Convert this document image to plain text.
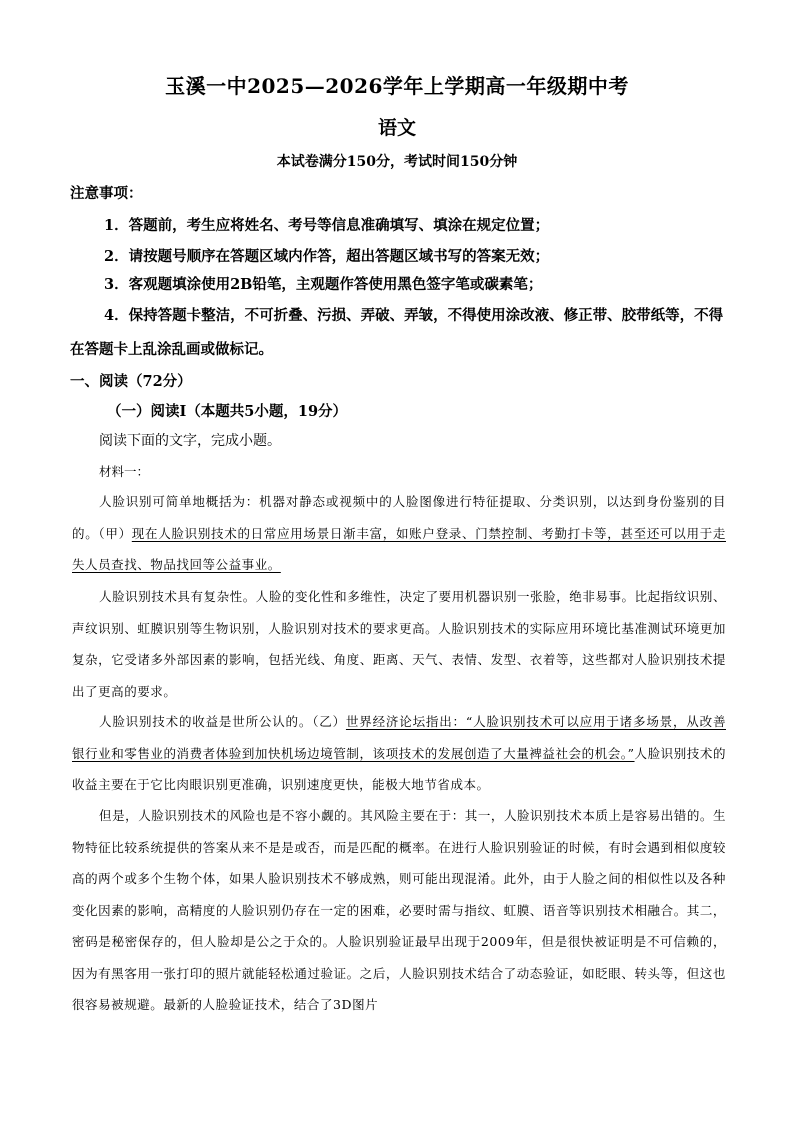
玉溪一中2025—2026学年上学期高一年级期中考
语文
本试卷满分150分，考试时间150分钟
注意事项：
1．答题前，考生应将姓名、考号等信息准确填写、填涂在规定位置；
2．请按题号顺序在答题区域内作答，超出答题区域书写的答案无效；
3．客观题填涂使用2B铅笔，主观题作答使用黑色签字笔或碳素笔；
4．保持答题卡整洁，不可折叠、污损、弄破、弄皱，不得使用涂改液、修正带、胶带纸等，不得在答题卡上乱涂乱画或做标记。
一、阅读（72分）
（一）阅读Ⅰ（本题共5小题，19分）
阅读下面的文字，完成小题。
材料一：
人脸识别可简单地概括为：机器对静态或视频中的人脸图像进行特征提取、分类识别，以达到身份鉴别的目的。（甲）现在人脸识别技术的日常应用场景日渐丰富，如账户登录、门禁控制、考勤打卡等，甚至还可以用于走失人员查找、物品找回等公益事业。
人脸识别技术具有复杂性。人脸的变化性和多维性，决定了要用机器识别一张脸，绝非易事。比起指纹识别、声纹识别、虹膜识别等生物识别，人脸识别对技术的要求更高。人脸识别技术的实际应用环境比基准测试环境更加复杂，它受诸多外部因素的影响，包括光线、角度、距离、天气、表情、发型、衣着等，这些都对人脸识别技术提出了更高的要求。
人脸识别技术的收益是世所公认的。（乙）世界经济论坛指出：“人脸识别技术可以应用于诸多场景，从改善银行业和零售业的消费者体验到加快机场边境管制，该项技术的发展创造了大量裨益社会的机会。”人脸识别技术的收益主要在于它比肉眼识别更准确，识别速度更快，能极大地节省成本。
但是，人脸识别技术的风险也是不容小觑的。其风险主要在于：其一，人脸识别技术本质上是容易出错的。生物特征比较系统提供的答案从来不是是或否，而是匹配的概率。在进行人脸识别验证的时候，有时会遇到相似度较高的两个或多个生物个体，如果人脸识别技术不够成熟，则可能出现混淆。此外，由于人脸之间的相似性以及各种变化因素的影响，高精度的人脸识别仍存在一定的困难，必要时需与指纹、虹膜、语音等识别技术相融合。其二，密码是秘密保存的，但人脸却是公之于众的。人脸识别验证最早出现于2009年，但是很快被证明是不可信赖的，因为有黑客用一张打印的照片就能轻松通过验证。之后，人脸识别技术结合了动态验证，如眨眼、转头等，但这也很容易被规避。最新的人脸验证技术，结合了3D图片
